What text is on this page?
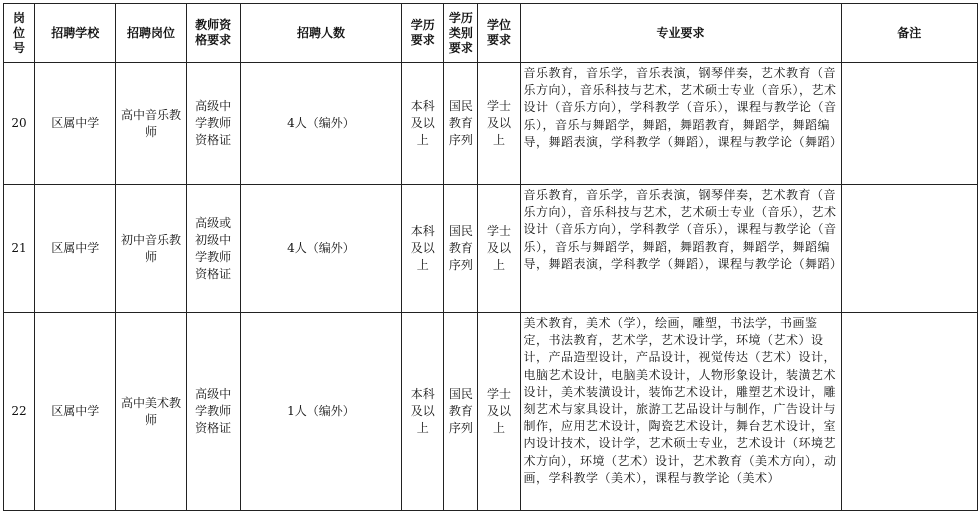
岗位号	招聘学校	招聘岗位	教师资格要求	招聘人数	学历要求	学历类别要求	学位要求	专业要求	备注
20	区属中学	高中音乐教师	高级中学教师资格证	4人（编外）	本科及以上	国民教育序列	学士及以上	音乐教育，音乐学，音乐表演，钢琴伴奏，艺术教育（音乐方向），音乐科技与艺术，艺术硕士专业（音乐），艺术设计（音乐方向），学科教学（音乐），课程与教学论（音乐），音乐与舞蹈学，舞蹈，舞蹈教育，舞蹈学，舞蹈编导，舞蹈表演，学科教学（舞蹈），课程与教学论（舞蹈）	
21	区属中学	初中音乐教师	高级或初级中学教师资格证	4人（编外）	本科及以上	国民教育序列	学士及以上	音乐教育，音乐学，音乐表演，钢琴伴奏，艺术教育（音乐方向），音乐科技与艺术，艺术硕士专业（音乐），艺术设计（音乐方向），学科教学（音乐），课程与教学论（音乐），音乐与舞蹈学，舞蹈，舞蹈教育，舞蹈学，舞蹈编导，舞蹈表演，学科教学（舞蹈），课程与教学论（舞蹈）	
22	区属中学	高中美术教师	高级中学教师资格证	1人（编外）	本科及以上	国民教育序列	学士及以上	美术教育，美术（学），绘画，雕塑，书法学，书画鉴定，书法教育，艺术学，艺术设计学，环境（艺术）设计，产品造型设计，产品设计，视觉传达（艺术）设计，电脑艺术设计，电脑美术设计，人物形象设计，装潢艺术设计，美术装潢设计，装饰艺术设计，雕塑艺术设计，雕刻艺术与家具设计，旅游工艺品设计与制作，广告设计与制作，应用艺术设计，陶瓷艺术设计，舞台艺术设计，室内设计技术，设计学，艺术硕士专业，艺术设计（环境艺术方向），环境（艺术）设计，艺术教育（美术方向），动画，学科教学（美术），课程与教学论（美术）	
